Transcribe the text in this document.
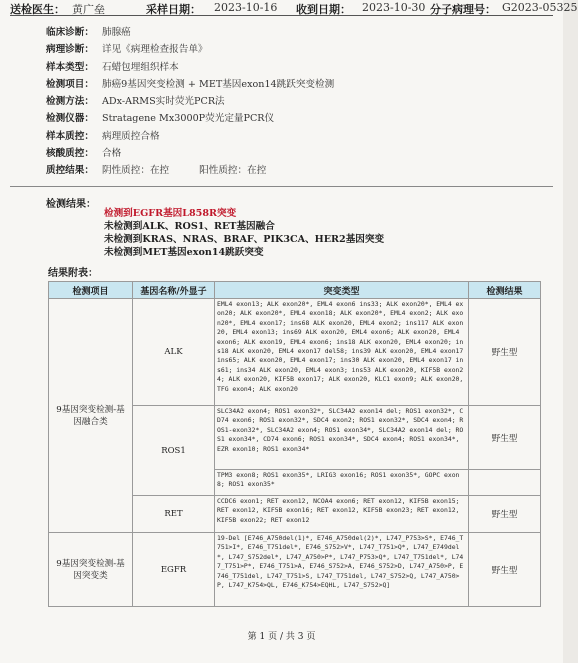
送检医生： 黄广垒	采样日期： 2023-10-16 收到日期： 2023-10-30 分子病理号： G2023-05325
临床诊断： 肺腺癌
病理诊断： 详见《病理检查报告单》
样本类型： 石蜡包埋组织样本
检测项目： 肺癌9基因突变检测 + MET基因exon14跳跃突变检测
检测方法： ADx-ARMS实时荧光PCR法
检测仪器： Stratagene Mx3000P荧光定量PCR仪
样本质控： 病理质控合格
核酸质控： 合格
质控结果： 阴性质控：在控	阳性质控：在控
检测结果：
检测到EGFR基因L858R突变
未检测到ALK、ROS1、RET基因融合
未检测到KRAS、NRAS、BRAF、PIK3CA、HER2基因突变
未检测到MET基因exon14跳跃突变
结果附表：
检测项目	基因名称/外显子	突变类型	检测结果
9基因突变检测-基因融合类	ALK	EML4 exon13; ALK exon20*, EML4 exon6 ins33; ALK exon20*, EML4 exon20; ALK exon20*, EML4 exon18; ALK exon20*, EML4 exon2; ALK exon20*, EML4 exon17; ins68 ALK exon20, EML4 exon2; ins117 ALK exon20, EML4 exon13; ins69 ALK exon20, EML4 exon6; ALK exon20, EML4 exon6; ALK exon19, EML4 exon6; ins18 ALK exon20, EML4 exon20; ins18 ALK exon20, EML4 exon17 del58; ins39 ALK exon20, EML4 exon17 ins65; ALK exon20, EML4 exon17; ins30 ALK exon20, EML4 exon17 ins61; ins34 ALK exon20, EML4 exon3; ins53 ALK exon20, KIF5B exon24; ALK exon20, KIF5B exon17; ALK exon20, KLC1 exon9; ALK exon20, TFG exon4; ALK exon20	野生型
	ROS1	SLC34A2 exon4; ROS1 exon32*, SLC34A2 exon14 del; ROS1 exon32*, CD74 exon6; ROS1 exon32*, SDC4 exon2; ROS1 exon32*, SDC4 exon4; ROS1-exon32*, SLC34A2 exon4; ROS1 exon34*, SLC34A2 exon14 del; ROS1 exon34*, CD74 exon6; ROS1 exon34*, SDC4 exon4; ROS1 exon34*, EZR exon10; ROS1 exon34*	野生型
		TPM3 exon8; ROS1 exon35*, LRIG3 exon16; ROS1 exon35*, GOPC exon8; ROS1 exon35*	
	RET	CCDC6 exon1; RET exon12, NCOA4 exon6; RET exon12, KIF5B exon15; RET exon12, KIF5B exon16; RET exon12, KIF5B exon23; RET exon12, KIF5B exon22; RET exon12	野生型
9基因突变检测-基因突变类	EGFR	19-Del [E746_A750del(1)*, E746_A750del(2)*, L747_P753>S*, E746_T751>I*, E746_T751del*, E746_S752>V*, L747_T751>Q*, L747_E749del*, L747_S752del*, L747_A750>P*, L747_P753>Q*, L747_T751del*, L747_T751>P*, E746_T751>A, E746_S752>A, E746_S752>D, L747_A750>P, E746_T751del, L747_T751>S, L747_T751del, L747_S752>Q, L747_A750>P, L747_K754>QL, E746_K754>EQHL, L747_S752>Q]	野生型
第 1 页 / 共 3 页
